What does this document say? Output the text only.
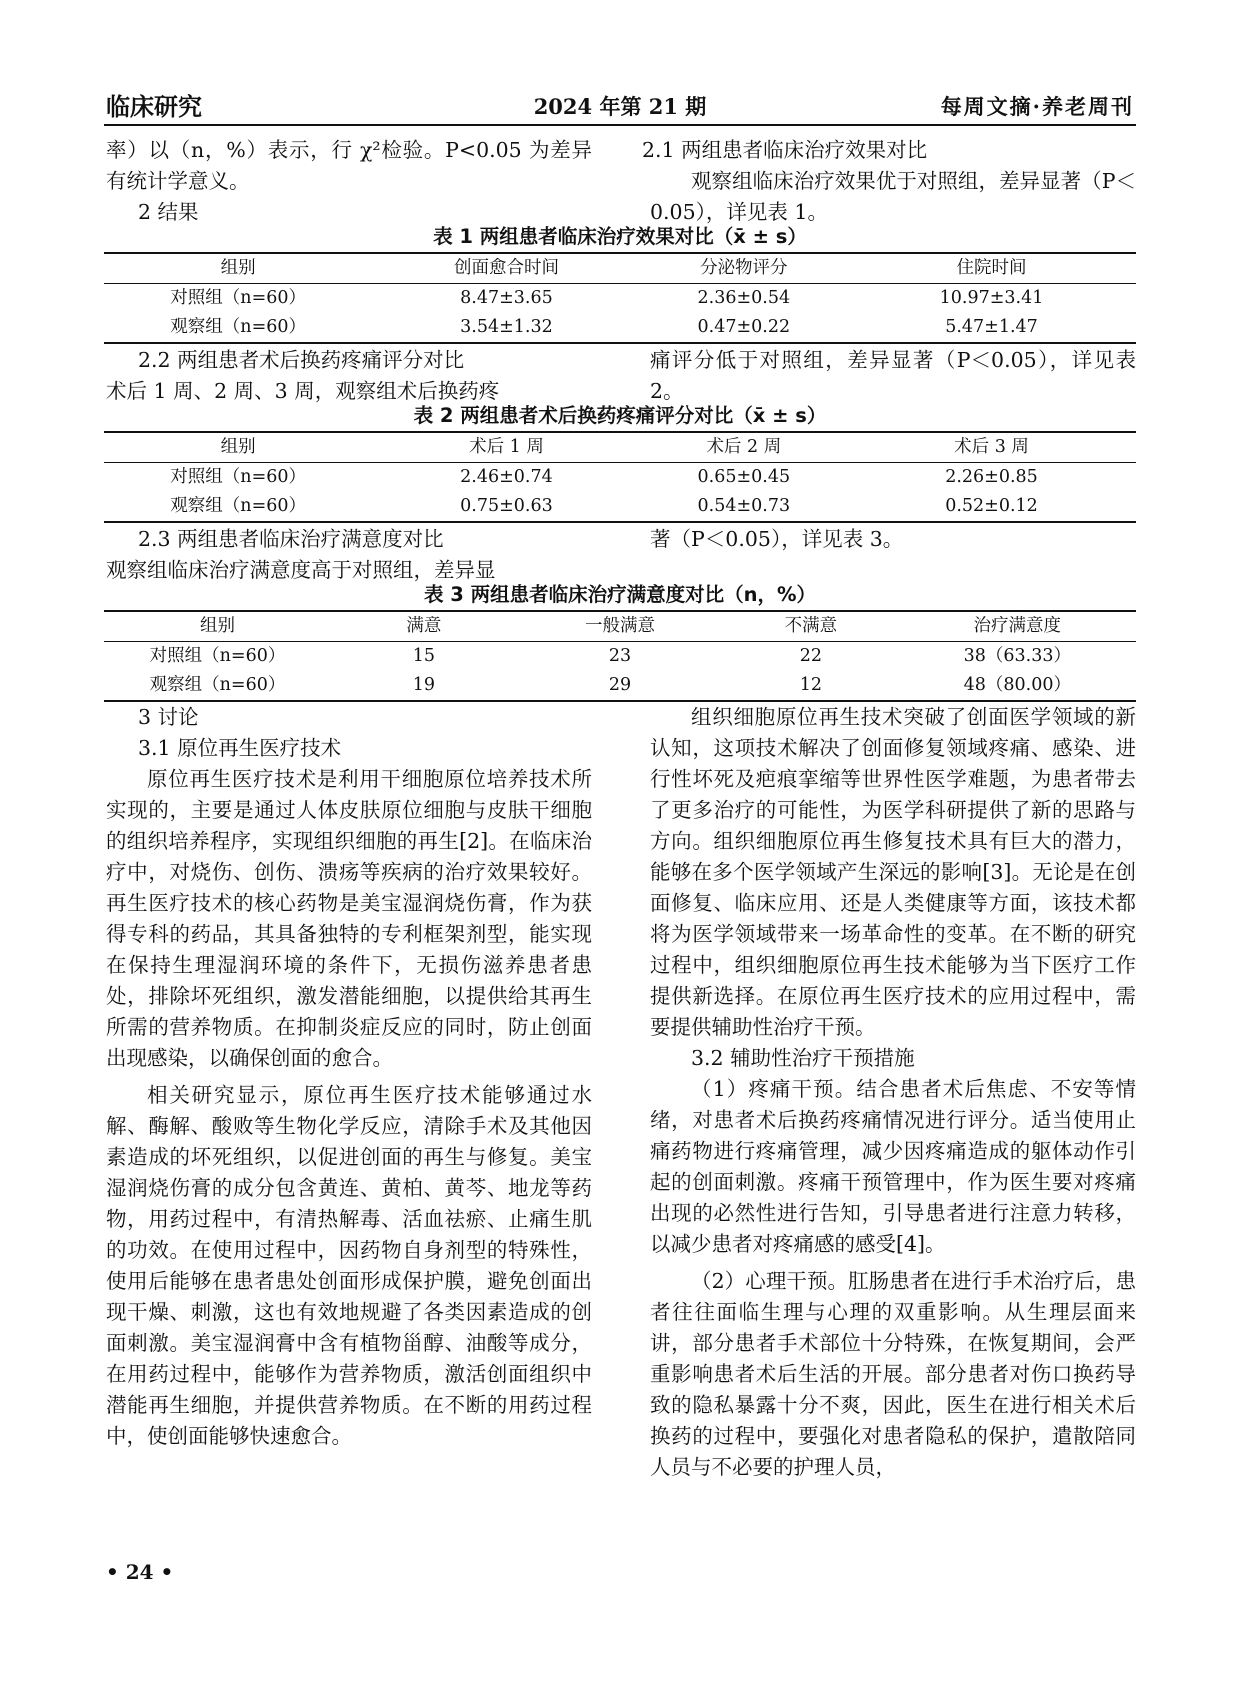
临床研究	2024 年第 21 期	每周文摘·养老周刊

率）以（n，%）表示，行 χ²检验。P<0.05 为差异有统计学意义。

2 结果
2.1 两组患者临床治疗效果对比
观察组临床治疗效果优于对照组，差异显著（P＜0.05），详见表 1。
表 1 两组患者临床治疗效果对比（x̄ ± s）
组别	创面愈合时间	分泌物评分	住院时间
对照组（n=60）	8.47±3.65	2.36±0.54	10.97±3.41
观察组（n=60）	3.54±1.32	0.47±0.22	5.47±1.47
2.2 两组患者术后换药疼痛评分对比
术后 1 周、2 周、3 周，观察组术后换药疼
痛评分低于对照组，差异显著（P＜0.05），详见表 2。
表 2 两组患者术后换药疼痛评分对比（x̄ ± s）
组别	术后 1 周	术后 2 周	术后 3 周
对照组（n=60）	2.46±0.74	0.65±0.45	2.26±0.85
观察组（n=60）	0.75±0.63	0.54±0.73	0.52±0.12
2.3 两组患者临床治疗满意度对比
观察组临床治疗满意度高于对照组，差异显
著（P＜0.05），详见表 3。
表 3 两组患者临床治疗满意度对比（n，%）
组别	满意	一般满意	不满意	治疗满意度
对照组（n=60）	15	23	22	38（63.33）
观察组（n=60）	19	29	12	48（80.00）
3 讨论
3.1 原位再生医疗技术

原位再生医疗技术是利用干细胞原位培养技术所实现的，主要是通过人体皮肤原位细胞与皮肤干细胞的组织培养程序，实现组织细胞的再生[2]。在临床治疗中，对烧伤、创伤、溃疡等疾病的治疗效果较好。再生医疗技术的核心药物是美宝湿润烧伤膏，作为获得专科的药品，其具备独特的专利框架剂型，能实现在保持生理湿润环境的条件下，无损伤滋养患者患处，排除坏死组织，激发潜能细胞，以提供给其再生所需的营养物质。在抑制炎症反应的同时，防止创面出现感染，以确保创面的愈合。

相关研究显示，原位再生医疗技术能够通过水解、酶解、酸败等生物化学反应，清除手术及其他因素造成的坏死组织，以促进创面的再生与修复。美宝湿润烧伤膏的成分包含黄连、黄柏、黄芩、地龙等药物，用药过程中，有清热解毒、活血祛瘀、止痛生肌的功效。在使用过程中，因药物自身剂型的特殊性，使用后能够在患者患处创面形成保护膜，避免创面出现干燥、刺激，这也有效地规避了各类因素造成的创面刺激。美宝湿润膏中含有植物甾醇、油酸等成分，在用药过程中，能够作为营养物质，激活创面组织中潜能再生细胞，并提供营养物质。在不断的用药过程中，使创面能够快速愈合。

组织细胞原位再生技术突破了创面医学领域的新认知，这项技术解决了创面修复领域疼痛、感染、进行性坏死及疤痕挛缩等世界性医学难题，为患者带去了更多治疗的可能性，为医学科研提供了新的思路与方向。组织细胞原位再生修复技术具有巨大的潜力，能够在多个医学领域产生深远的影响[3]。无论是在创面修复、临床应用、还是人类健康等方面，该技术都将为医学领域带来一场革命性的变革。在不断的研究过程中，组织细胞原位再生技术能够为当下医疗工作提供新选择。在原位再生医疗技术的应用过程中，需要提供辅助性治疗干预。

3.2 辅助性治疗干预措施

（1）疼痛干预。结合患者术后焦虑、不安等情绪，对患者术后换药疼痛情况进行评分。适当使用止痛药物进行疼痛管理，减少因疼痛造成的躯体动作引起的创面刺激。疼痛干预管理中，作为医生要对疼痛出现的必然性进行告知，引导患者进行注意力转移，以减少患者对疼痛感的感受[4]。

（2）心理干预。肛肠患者在进行手术治疗后，患者往往面临生理与心理的双重影响。从生理层面来讲，部分患者手术部位十分特殊，在恢复期间，会严重影响患者术后生活的开展。部分患者对伤口换药导致的隐私暴露十分不爽，因此，医生在进行相关术后换药的过程中，要强化对患者隐私的保护，遣散陪同人员与不必要的护理人员，

• 24 •
